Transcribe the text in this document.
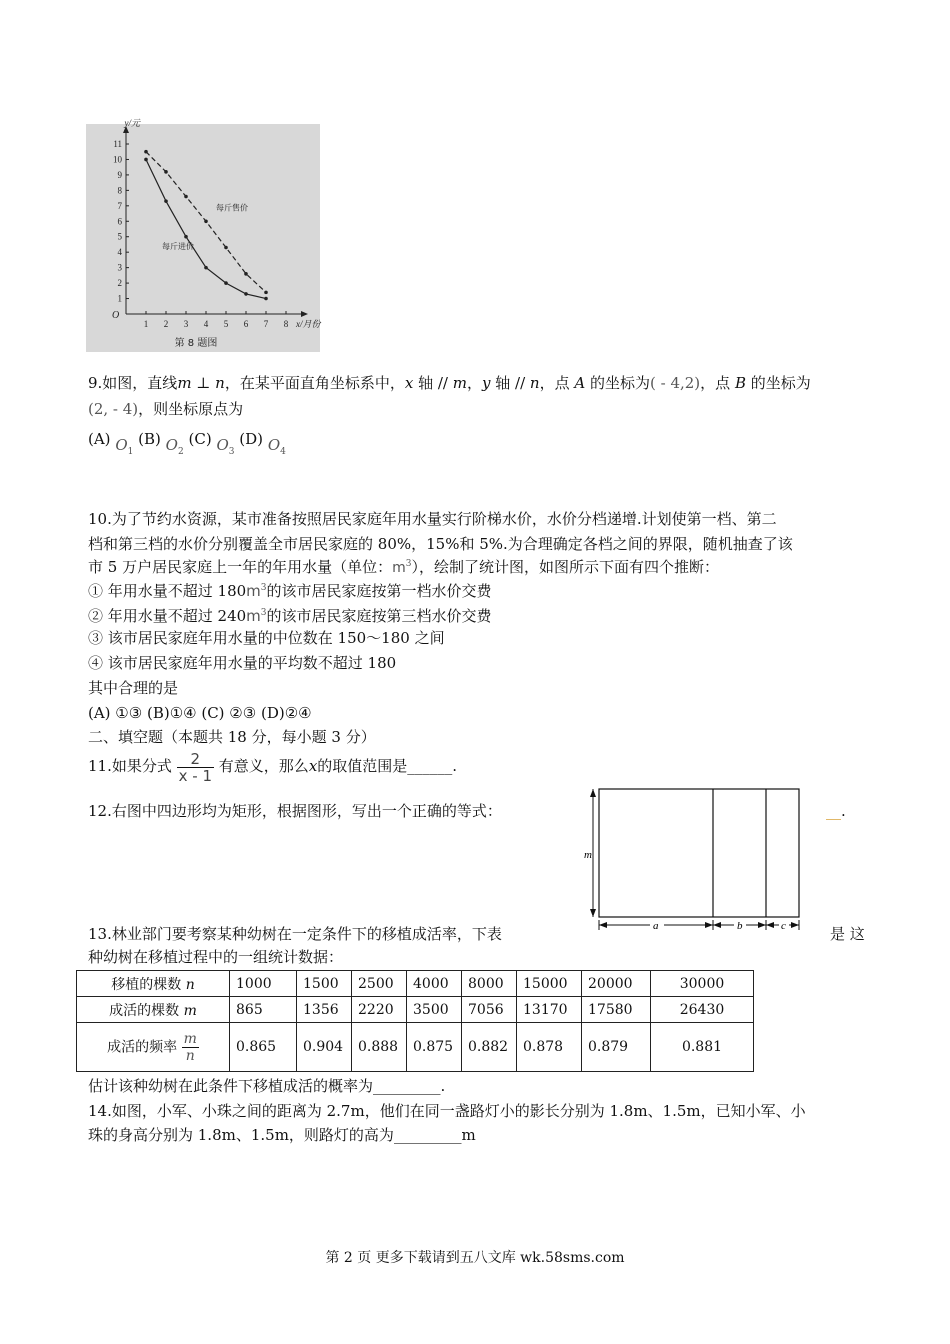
y/元
x/月份
O
1 2 3 4 5 6 7 8
1
2
3
4
5
6
7
8
9
10
11
每斤售价
每斤进价
第 8 题图
9.如图，直线m ⊥ n，在某平面直角坐标系中，x 轴 // m，y 轴 // n，点 A 的坐标为( - 4,2)，点 B 的坐标为
(2, - 4)，则坐标原点为
(A) $O_1$ (B) $O_2$ (C) $O_3$ (D) $O_4$
10.为了节约水资源，某市准备按照居民家庭年用水量实行阶梯水价，水价分档递增.计划使第一档、第二
档和第三档的水价分别覆盖全市居民家庭的 80%，15%和 5%.为合理确定各档之间的界限，随机抽查了该
市 5 万户居民家庭上一年的年用水量（单位：$m^3$），绘制了统计图，如图所示下面有四个推断：
① 年用水量不超过 $180m^3$的该市居民家庭按第一档水价交费
② 年用水量不超过 $240m^3$的该市居民家庭按第三档水价交费
③ 该市居民家庭年用水量的中位数在 150～180 之间
④ 该市居民家庭年用水量的平均数不超过 180
其中合理的是
(A) ①③ (B)①④ (C) ②③ (D)②④
二、填空题（本题共 18 分，每小题 3 分）
11.如果分式 $\frac{2}{x - 1}$ 有意义，那么x的取值范围是______.
12.右图中四边形均为矩形，根据图形，写出一个正确的等式：	__.
m
a	b	c
13.林业部门要考察某种幼树在一定条件下的移植成活率，下表	是 这
种幼树在移植过程中的一组统计数据：
移植的棵数 n	1000	1500	2500	4000	8000	15000	20000	30000
成活的棵数 m	865	1356	2220	3500	7056	13170	17580	26430
成活的频率 $\frac{m}{n}$	0.865	0.904	0.888	0.875	0.882	0.878	0.879	0.881
估计该种幼树在此条件下移植成活的概率为_________.
14.如图，小军、小珠之间的距离为 2.7m，他们在同一盏路灯小的影长分别为 1.8m、1.5m，已知小军、小
珠的身高分别为 1.8m、1.5m，则路灯的高为_________m
第 2 页 更多下载请到五八文库 wk.58sms.com
